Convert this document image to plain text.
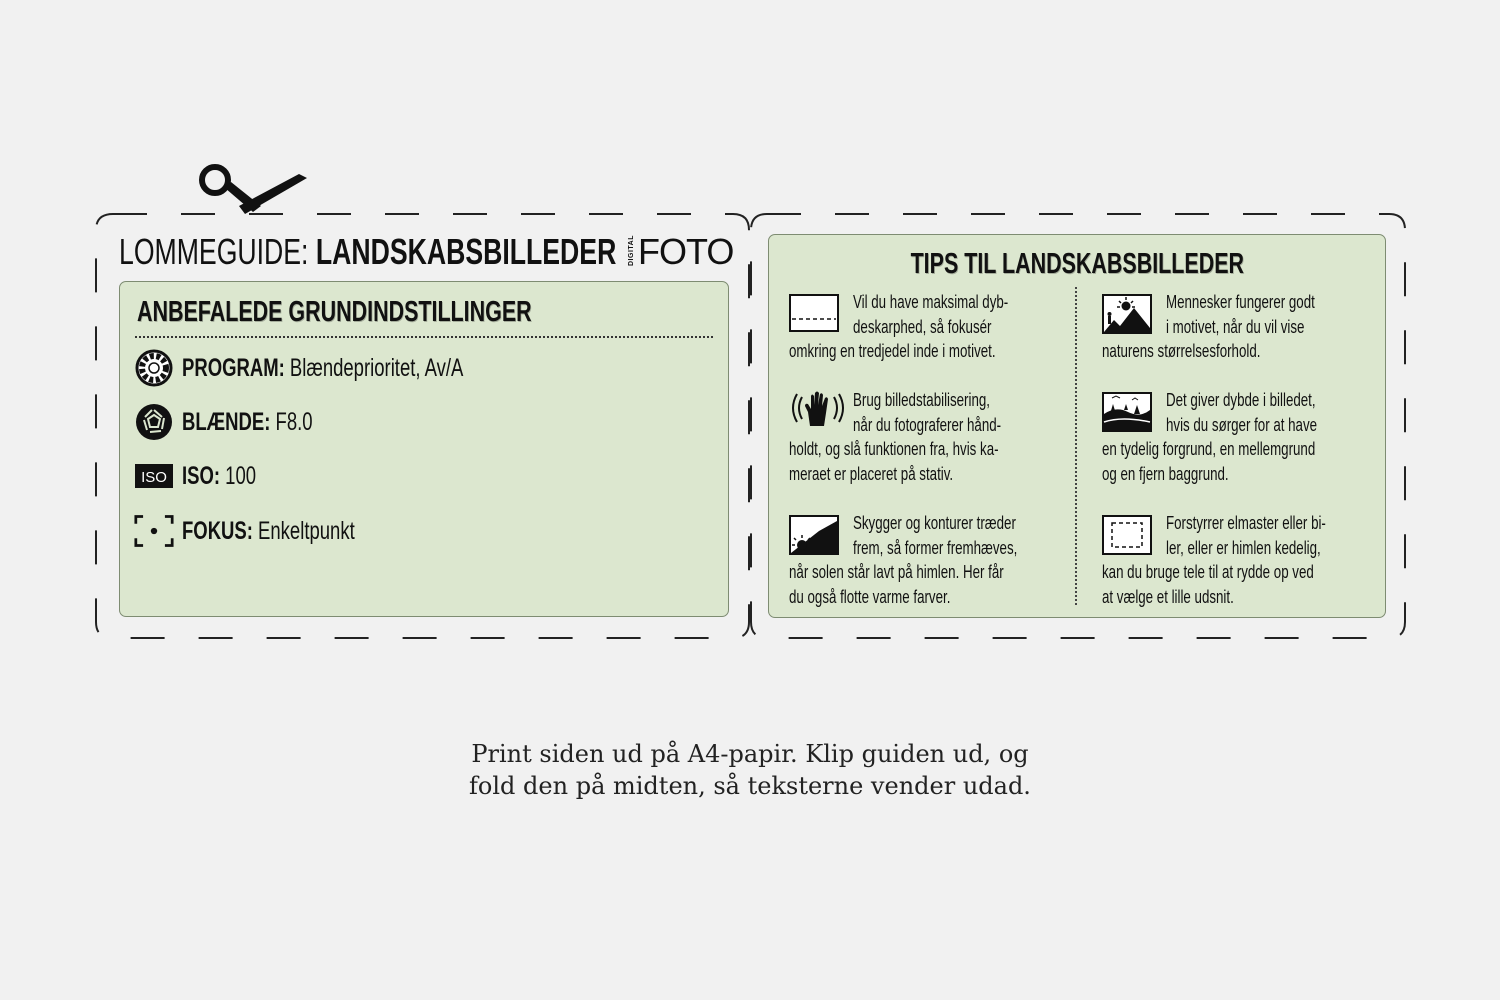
LOMMEGUIDE: LANDSKABSBILLEDER	DIGITAL FOTO
ANBEFALEDE GRUNDINDSTILLINGER
PROGRAM: Blændeprioritet, Av/A
BLÆNDE: F8.0
ISO ISO: 100
FOKUS: Enkeltpunkt
TIPS TIL LANDSKABSBILLEDER
Vil du have maksimal dyb-
deskarphed, så fokusér
omkring en tredjedel inde i motivet.
Brug billedstabilisering,
når du fotograferer hånd-
holdt, og slå funktionen fra, hvis ka-
meraet er placeret på stativ.
Skygger og konturer træder
frem, så former fremhæves,
når solen står lavt på himlen. Her får
du også flotte varme farver.
Mennesker fungerer godt
i motivet, når du vil vise
naturens størrelsesforhold.
Det giver dybde i billedet,
hvis du sørger for at have
en tydelig forgrund, en mellemgrund
og en fjern baggrund.
Forstyrrer elmaster eller bi-
ler, eller er himlen kedelig,
kan du bruge tele til at rydde op ved
at vælge et lille udsnit.
Print siden ud på A4-papir. Klip guiden ud, og
fold den på midten, så teksterne vender udad.
